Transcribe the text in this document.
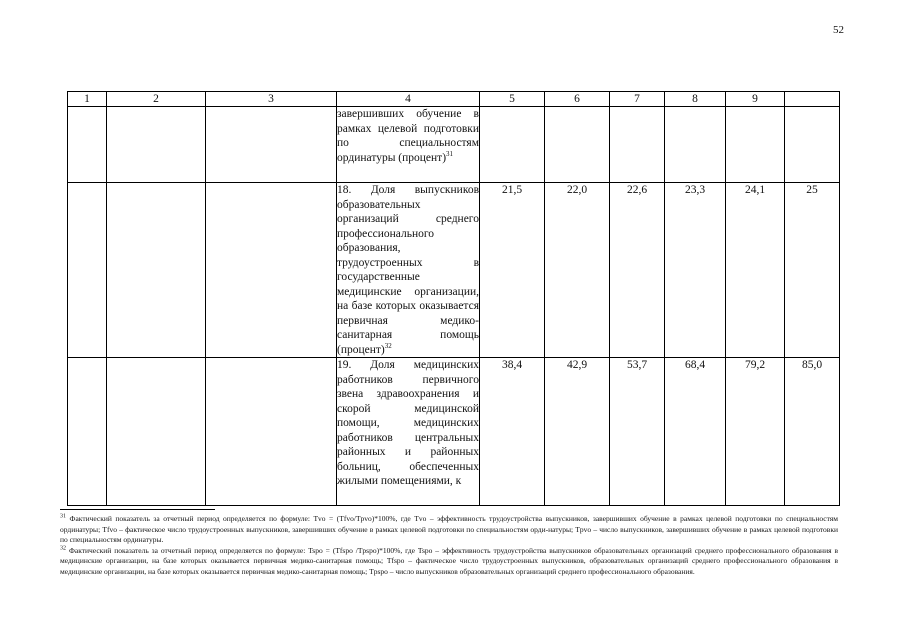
52
1	2	3	4	5	6	7	8	9	
			завершивших обучение в рамках целевой подготовки по специальностям ординатуры (процент)$^{31}$						
			18. Доля выпускников образовательных организаций среднего профессионального образования, трудоустроенных в государственные медицинские организации, на базе которых оказывается первичная медико-санитарная помощь (процент)$^{32}$	21,5	22,0	22,6	23,3	24,1	25
			19. Доля медицинских работников первичного звена здравоохранения и скорой медицинской помощи, медицинских работников центральных районных и районных больниц, обеспеченных жилыми помещениями, к	38,4	42,9	53,7	68,4	79,2	85,0

$^{31}$ Фактический показатель за отчетный период определяется по формуле: Tvo = (Tfvo/Tpvo)*100%, где Tvo – эффективность трудоустройства выпускников, завершивших обучение в рамках целевой подготовки по специальностям ординатуры; Tfvo – фактическое число трудоустроенных выпускников, завершивших обучение в рамках целевой подготовки по специальностям орди-натуры; Tpvo – число выпускников, завершивших обучение в рамках целевой подготовки по специальностям ординатуры.

$^{32}$ Фактический показатель за отчетный период определяется по формуле: Tspo = (Tfspo /Tpspo)*100%, где Tspo – эффективность трудоустройства выпускников образовательных организаций среднего профессионального образования в медицинские организации, на базе которых оказывается первичная медико-санитарная помощь; Tfspo – фактическое число трудоустроенных выпускников, образовательных организаций среднего профессионального образования в медицинские организации, на базе которых оказывается первичная медико-санитарная помощь; Tpspo – число выпускников образовательных организаций среднего профессионального образования.
